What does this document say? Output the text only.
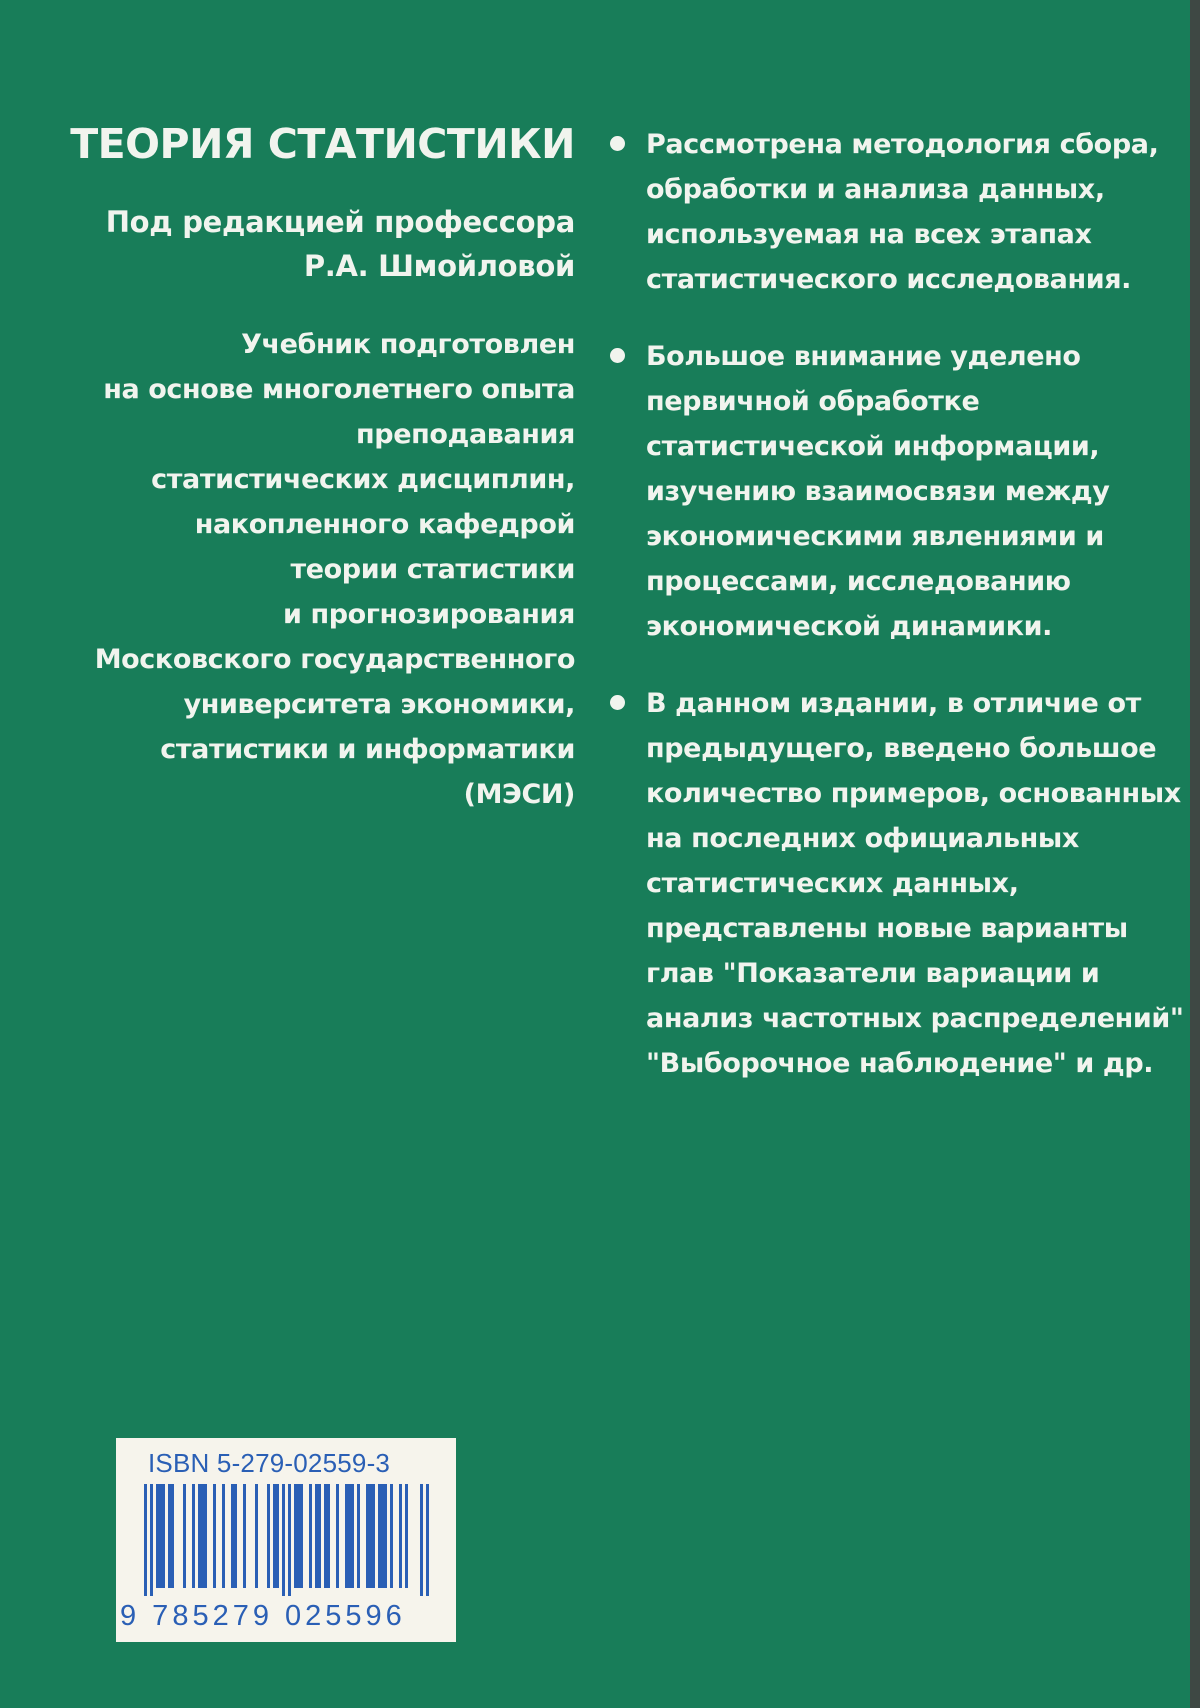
ТЕОРИЯ СТАТИСТИКИ
Под редакцией профессора
Р.А. Шмойловой
Учебник подготовлен
на основе многолетнего опыта
преподавания
статистических дисциплин,
накопленного кафедрой
теории статистики
и прогнозирования
Московского государственного
университета экономики,
статистики и информатики
(МЭСИ)
Рассмотрена методология сбора,
обработки и анализа данных,
используемая на всех этапах
статистического исследования.
Большое внимание уделено
первичной обработке
статистической информации,
изучению взаимосвязи между
экономическими явлениями и
процессами, исследованию
экономической динамики.
В данном издании, в отличие от
предыдущего, введено большое
количество примеров, основанных
на последних официальных
статистических данных,
представлены новые варианты
глав "Показатели вариации и
анализ частотных распределений"
"Выборочное наблюдение" и др.
ISBN 5-279-02559-3
9 785279 025596
